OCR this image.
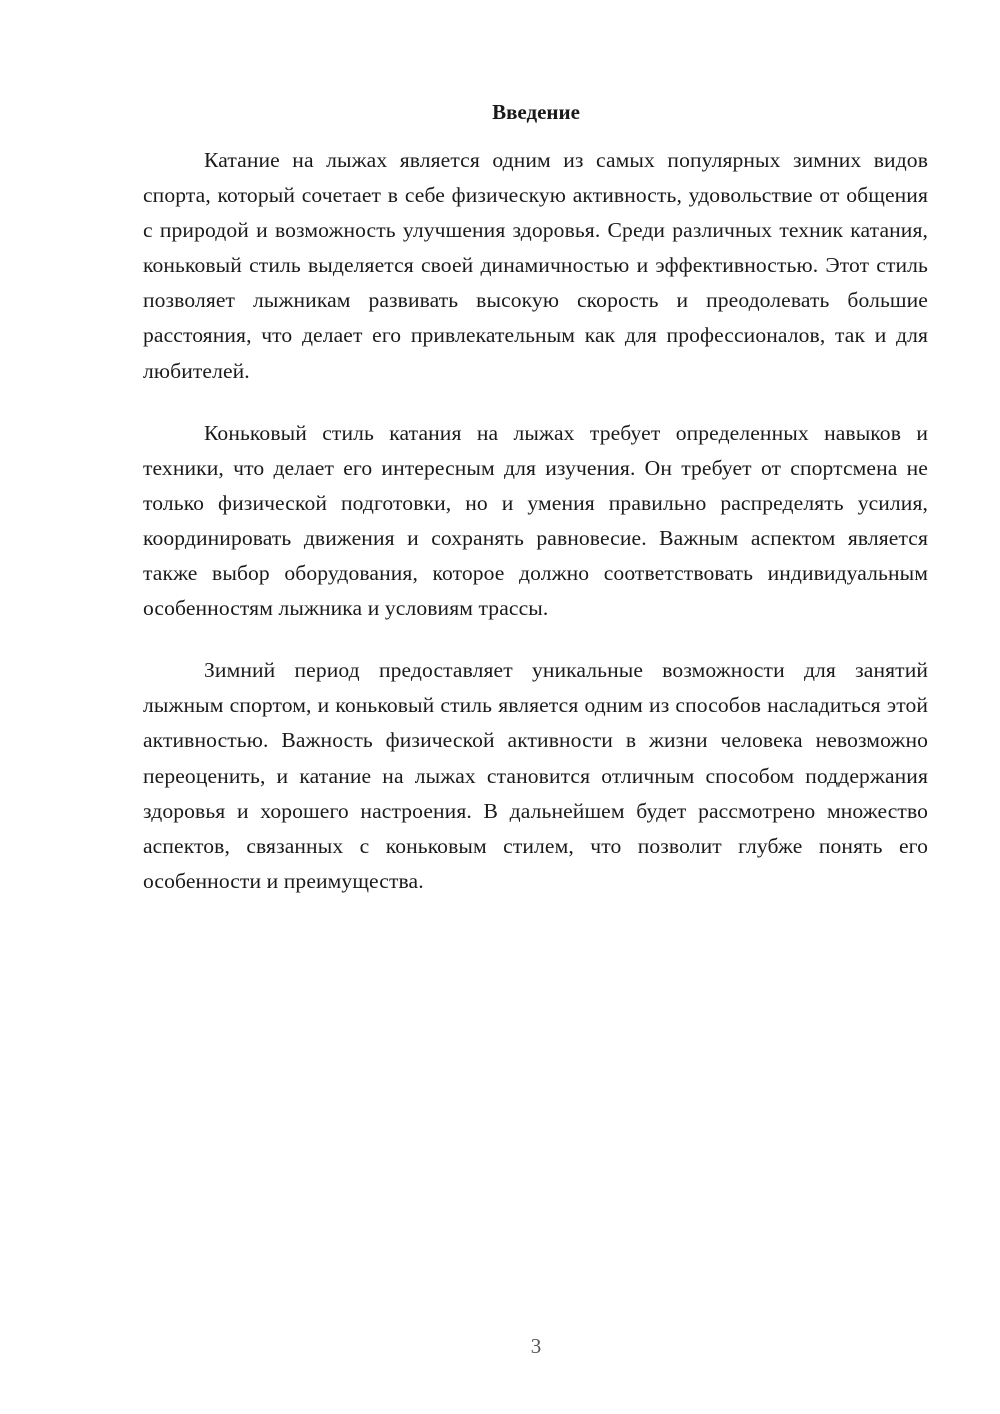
Введение

Катание на лыжах является одним из самых популярных зимних видов спорта, который сочетает в себе физическую активность, удовольствие от общения с природой и возможность улучшения здоровья. Среди различных техник катания, коньковый стиль выделяется своей динамичностью и эффективностью. Этот стиль позволяет лыжникам развивать высокую скорость и преодолевать большие расстояния, что делает его привлекательным как для профессионалов, так и для любителей.

Коньковый стиль катания на лыжах требует определенных навыков и техники, что делает его интересным для изучения. Он требует от спортсмена не только физической подготовки, но и умения правильно распределять усилия, координировать движения и сохранять равновесие. Важным аспектом является также выбор оборудования, которое должно соответствовать индивидуальным особенностям лыжника и условиям трассы.

Зимний период предоставляет уникальные возможности для занятий лыжным спортом, и коньковый стиль является одним из способов насладиться этой активностью. Важность физической активности в жизни человека невозможно переоценить, и катание на лыжах становится отличным способом поддержания здоровья и хорошего настроения. В дальнейшем будет рассмотрено множество аспектов, связанных с коньковым стилем, что позволит глубже понять его особенности и преимущества.

3
